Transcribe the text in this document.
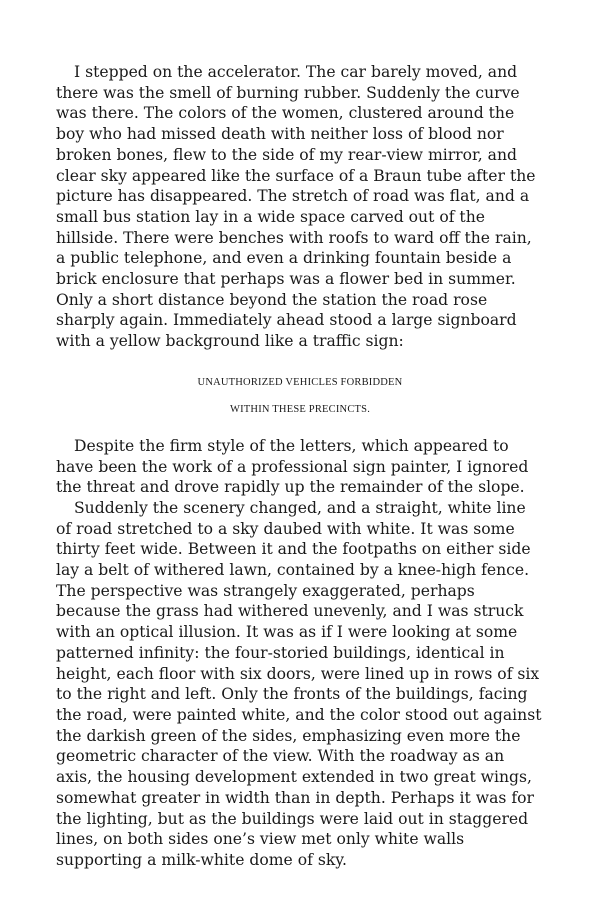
I stepped on the accelerator. The car barely moved, and there was the smell of burning rubber. Suddenly the curve was there. The colors of the women, clustered around the boy who had missed death with neither loss of blood nor broken bones, flew to the side of my rear-view mirror, and clear sky appeared like the surface of a Braun tube after the picture has disappeared. The stretch of road was flat, and a small bus station lay in a wide space carved out of the hillside. There were benches with roofs to ward off the rain, a public telephone, and even a drinking fountain beside a brick enclosure that perhaps was a flower bed in summer. Only a short distance beyond the station the road rose sharply again. Immediately ahead stood a large signboard with a yellow background like a traffic sign:

UNAUTHORIZED VEHICLES FORBIDDEN
WITHIN THESE PRECINCTS.

Despite the firm style of the letters, which appeared to have been the work of a professional sign painter, I ignored the threat and drove rapidly up the remainder of the slope.

Suddenly the scenery changed, and a straight, white line of road stretched to a sky daubed with white. It was some thirty feet wide. Between it and the footpaths on either side lay a belt of withered lawn, contained by a knee-high fence. The perspective was strangely exaggerated, perhaps because the grass had withered unevenly, and I was struck with an optical illusion. It was as if I were looking at some patterned infinity: the four-storied buildings, identical in height, each floor with six doors, were lined up in rows of six to the right and left. Only the fronts of the buildings, facing the road, were painted white, and the color stood out against the darkish green of the sides, emphasizing even more the geometric character of the view. With the roadway as an axis, the housing development extended in two great wings, somewhat greater in width than in depth. Perhaps it was for the lighting, but as the buildings were laid out in staggered lines, on both sides one’s view met only white walls supporting a milk-white dome of sky.
